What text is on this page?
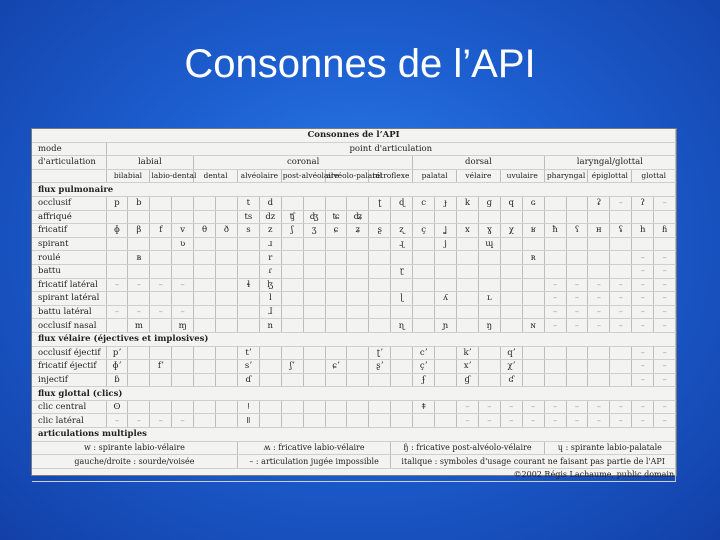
Consonnes de l’API
Consonnes de l’API																										
mode	point d'articulation																									
d'articulation	labial				coronal										dorsal						laryngal/glottal					
	bilabial		labio-dental		dental		alvéolaire		post-alvéolaire		alvéolo-palatal		rétroflexe		palatal		vélaire		uvulaire		pharyngal		épiglottal		glottal	
flux pulmonaire																										
occlusif	p	b					t	d					ʈ	ɖ	c	ɟ	k	ɡ	q	ɢ			ʡ	–	ʔ	–
affriqué							ts	dz	ʧ	ʤ	ʨ	ʥ														
fricatif	ɸ	β	f	v	θ	ð	s	z	ʃ	ʒ	ɕ	ʑ	ʂ	ʐ	ç	ʝ	x	ɣ	χ	ʁ	ħ	ʕ	ʜ	ʢ	h	ɦ
spirant				ʋ				ɹ						ɻ		j		ɰ								
roulé		ʙ						r												ʀ					–	–
battu								ɾ						ɽ											–	–
fricatif latéral	–	–	–	–			ɬ	ɮ													–	–	–	–	–	–
spirant latéral								l						ɭ		ʎ		ʟ			–	–	–	–	–	–
battu latéral	–	–	–	–				ɺ													–	–	–	–	–	–
occlusif nasal		m		ɱ				n						ɳ		ɲ		ŋ		ɴ	–	–	–	–	–	–
flux vélaire (éjectives et implosives)																										
occlusif éjectif	pʼ						tʼ						ʈʼ		cʼ		kʼ		qʼ						–	–
fricatif éjectif	ɸʼ		fʼ				sʼ		ʃʼ		ɕʼ		ʂʼ		çʼ		xʼ		χʼ						–	–
injectif	ɓ						ɗ								ʄ		ɠ		ʛ						–	–
flux glottal (clics)																										
clic central	ʘ						ǃ								ǂ		–	–	–	–	–	–	–	–	–	–
clic latéral	–	–	–	–			ǁ										–	–	–	–	–	–	–	–	–	–
articulations multiples																										
w : spirante labio-vélaire							ʍ : fricative labio-vélaire							ɧ : fricative post-alvéolo-vélaire							ɥ : spirante labio-palatale					
gauche/droite : sourde/voisée							– : articulation jugée impossible							italique : symboles d'usage courant ne faisant pas partie de l'API												
©2002 Régis Lachaume, public domain																										
